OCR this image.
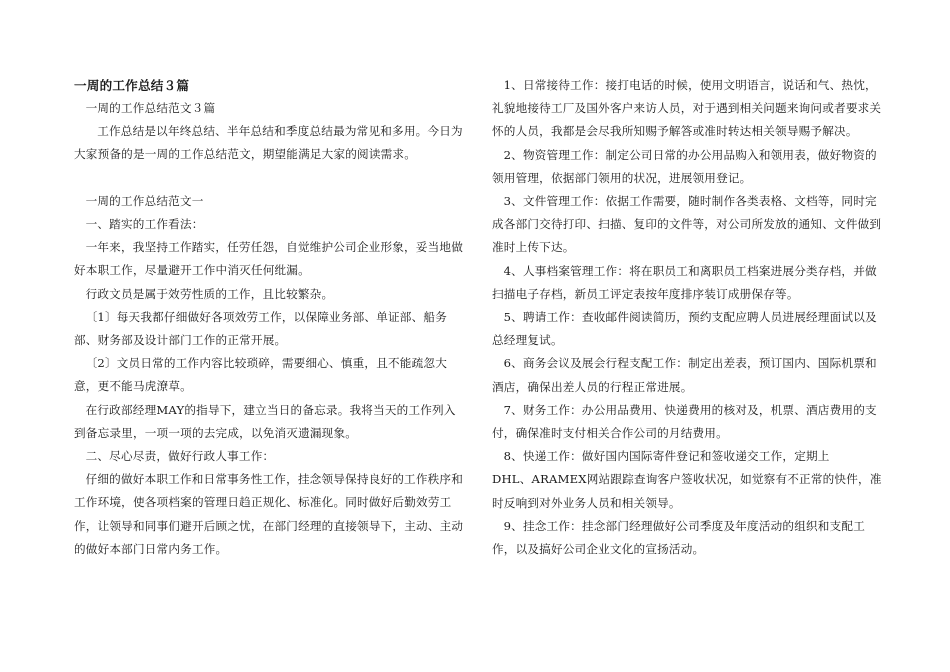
一周的工作总结３篇

一周的工作总结范文３篇

工作总结是以年终总结、半年总结和季度总结最为常见和多用。今日为大家预备的是一周的工作总结范文，期望能满足大家的阅读需求。

一周的工作总结范文一

一、踏实的工作看法：

一年来，我坚持工作踏实，任劳任怨，自觉维护公司企业形象，妥当地做好本职工作，尽量避开工作中消灭任何纰漏。

行政文员是属于效劳性质的工作，且比较繁杂。

〔1〕每天我都仔细做好各项效劳工作，以保障业务部、单证部、船务部、财务部及设计部门工作的正常开展。

〔2〕文员日常的工作内容比较琐碎，需要细心、慎重，且不能疏忽大意，更不能马虎潦草。

在行政部经理MAY的指导下，建立当日的备忘录。我将当天的工作列入到备忘录里，一项一项的去完成，以免消灭遗漏现象。

二、尽心尽责，做好行政人事工作：

仔细的做好本职工作和日常事务性工作，挂念领导保持良好的工作秩序和工作环境，使各项档案的管理日趋正规化、标准化。同时做好后勤效劳工作，让领导和同事们避开后顾之忧，在部门经理的直接领导下，主动、主动的做好本部门日常内务工作。

1、日常接待工作：接打电话的时候，使用文明语言，说话和气、热忱，礼貌地接待工厂及国外客户来访人员，对于遇到相关问题来询问或者要求关怀的人员，我都是会尽我所知赐予解答或准时转达相关领导赐予解决。

2、物资管理工作：制定公司日常的办公用品购入和领用表，做好物资的领用管理，依据部门领用的状况，进展领用登记。

3、文件管理工作：依据工作需要，随时制作各类表格、文档等，同时完成各部门交待打印、扫描、复印的文件等，对公司所发放的通知、文件做到准时上传下达。

4、人事档案管理工作：将在职员工和离职员工档案进展分类存档，并做扫描电子存档，新员工评定表按年度排序装订成册保存等。

5、聘请工作：查收邮件阅读简历，预约支配应聘人员进展经理面试以及总经理复试。

6、商务会议及展会行程支配工作：制定出差表，预订国内、国际机票和酒店，确保出差人员的行程正常进展。

7、财务工作：办公用品费用、快递费用的核对及，机票、酒店费用的支付，确保准时支付相关合作公司的月结费用。

8、快递工作：做好国内国际寄件登记和签收递交工作，定期上

DHL、ARAMEX网站跟踪查询客户签收状况，如觉察有不正常的快件，准时反响到对外业务人员和相关领导。

9、挂念工作：挂念部门经理做好公司季度及年度活动的组织和支配工作，以及搞好公司企业文化的宣扬活动。
